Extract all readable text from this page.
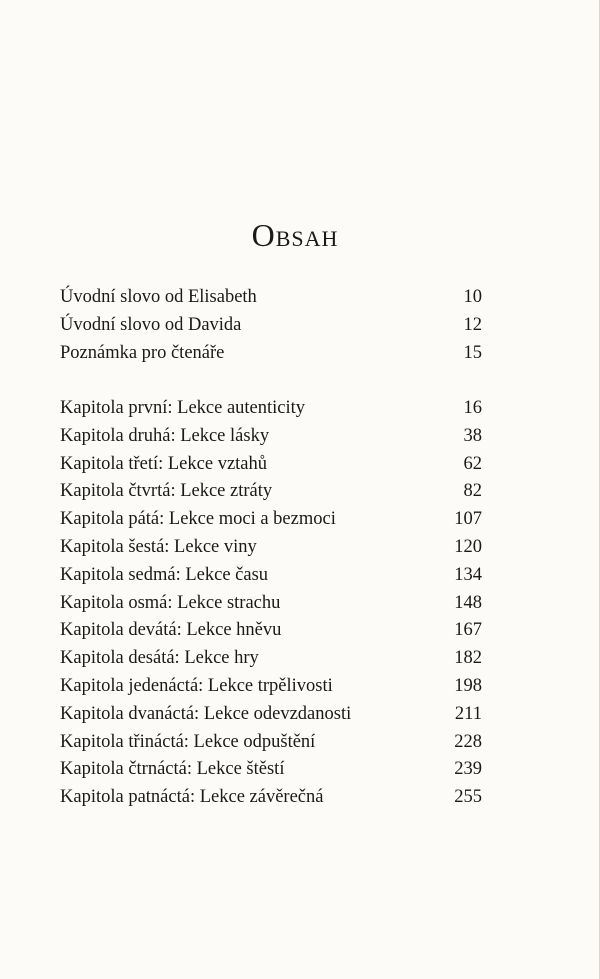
Obsah
Úvodní slovo od Elisabeth	10
Úvodní slovo od Davida	12
Poznámka pro čtenáře	15
Kapitola první: Lekce autenticity	16
Kapitola druhá: Lekce lásky	38
Kapitola třetí: Lekce vztahů	62
Kapitola čtvrtá: Lekce ztráty	82
Kapitola pátá: Lekce moci a bezmoci	107
Kapitola šestá: Lekce viny	120
Kapitola sedmá: Lekce času	134
Kapitola osmá: Lekce strachu	148
Kapitola devátá: Lekce hněvu	167
Kapitola desátá: Lekce hry	182
Kapitola jedenáctá: Lekce trpělivosti	198
Kapitola dvanáctá: Lekce odevzdanosti	211
Kapitola třináctá: Lekce odpuštění	228
Kapitola čtrnáctá: Lekce štěstí	239
Kapitola patnáctá: Lekce závěrečná	255
